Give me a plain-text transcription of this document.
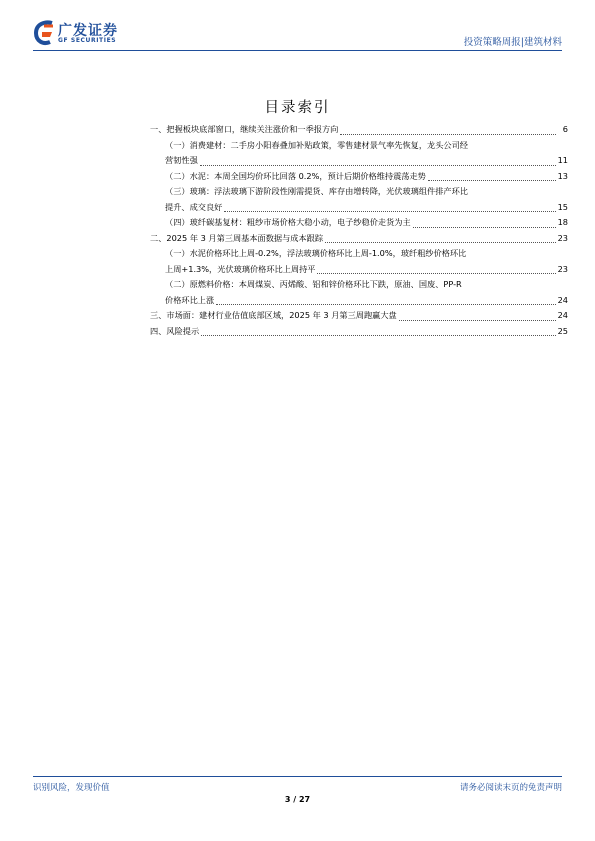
广发证券
GF SECURITIES	投资策略周报|建筑材料
目录索引
一、把握板块底部窗口，继续关注涨价和一季报方向	6
（一）消费建材：二手房小阳春叠加补贴政策，零售建材景气率先恢复，龙头公司经
营韧性强	11
（二）水泥：本周全国均价环比回落 0.2%，预计后期价格维持震荡走势	13
（三）玻璃：浮法玻璃下游阶段性刚需提货、库存由增转降，光伏玻璃组件排产环比
提升、成交良好	15
（四）玻纤碳基复材：粗纱市场价格大稳小动，电子纱稳价走货为主	18
二、2025 年 3 月第三周基本面数据与成本跟踪	23
（一）水泥价格环比上周-0.2%，浮法玻璃价格环比上周-1.0%，玻纤粗纱价格环比
上周+1.3%，光伏玻璃价格环比上周持平	23
（二）原燃料价格：本周煤炭、丙烯酸、铝和锌价格环比下跌，原油、国废、PP-R
价格环比上涨	24
三、市场面：建材行业估值底部区域，2025 年 3 月第三周跑赢大盘	24
四、风险提示	25
识别风险，发现价值	请务必阅读末页的免责声明
3 / 27
